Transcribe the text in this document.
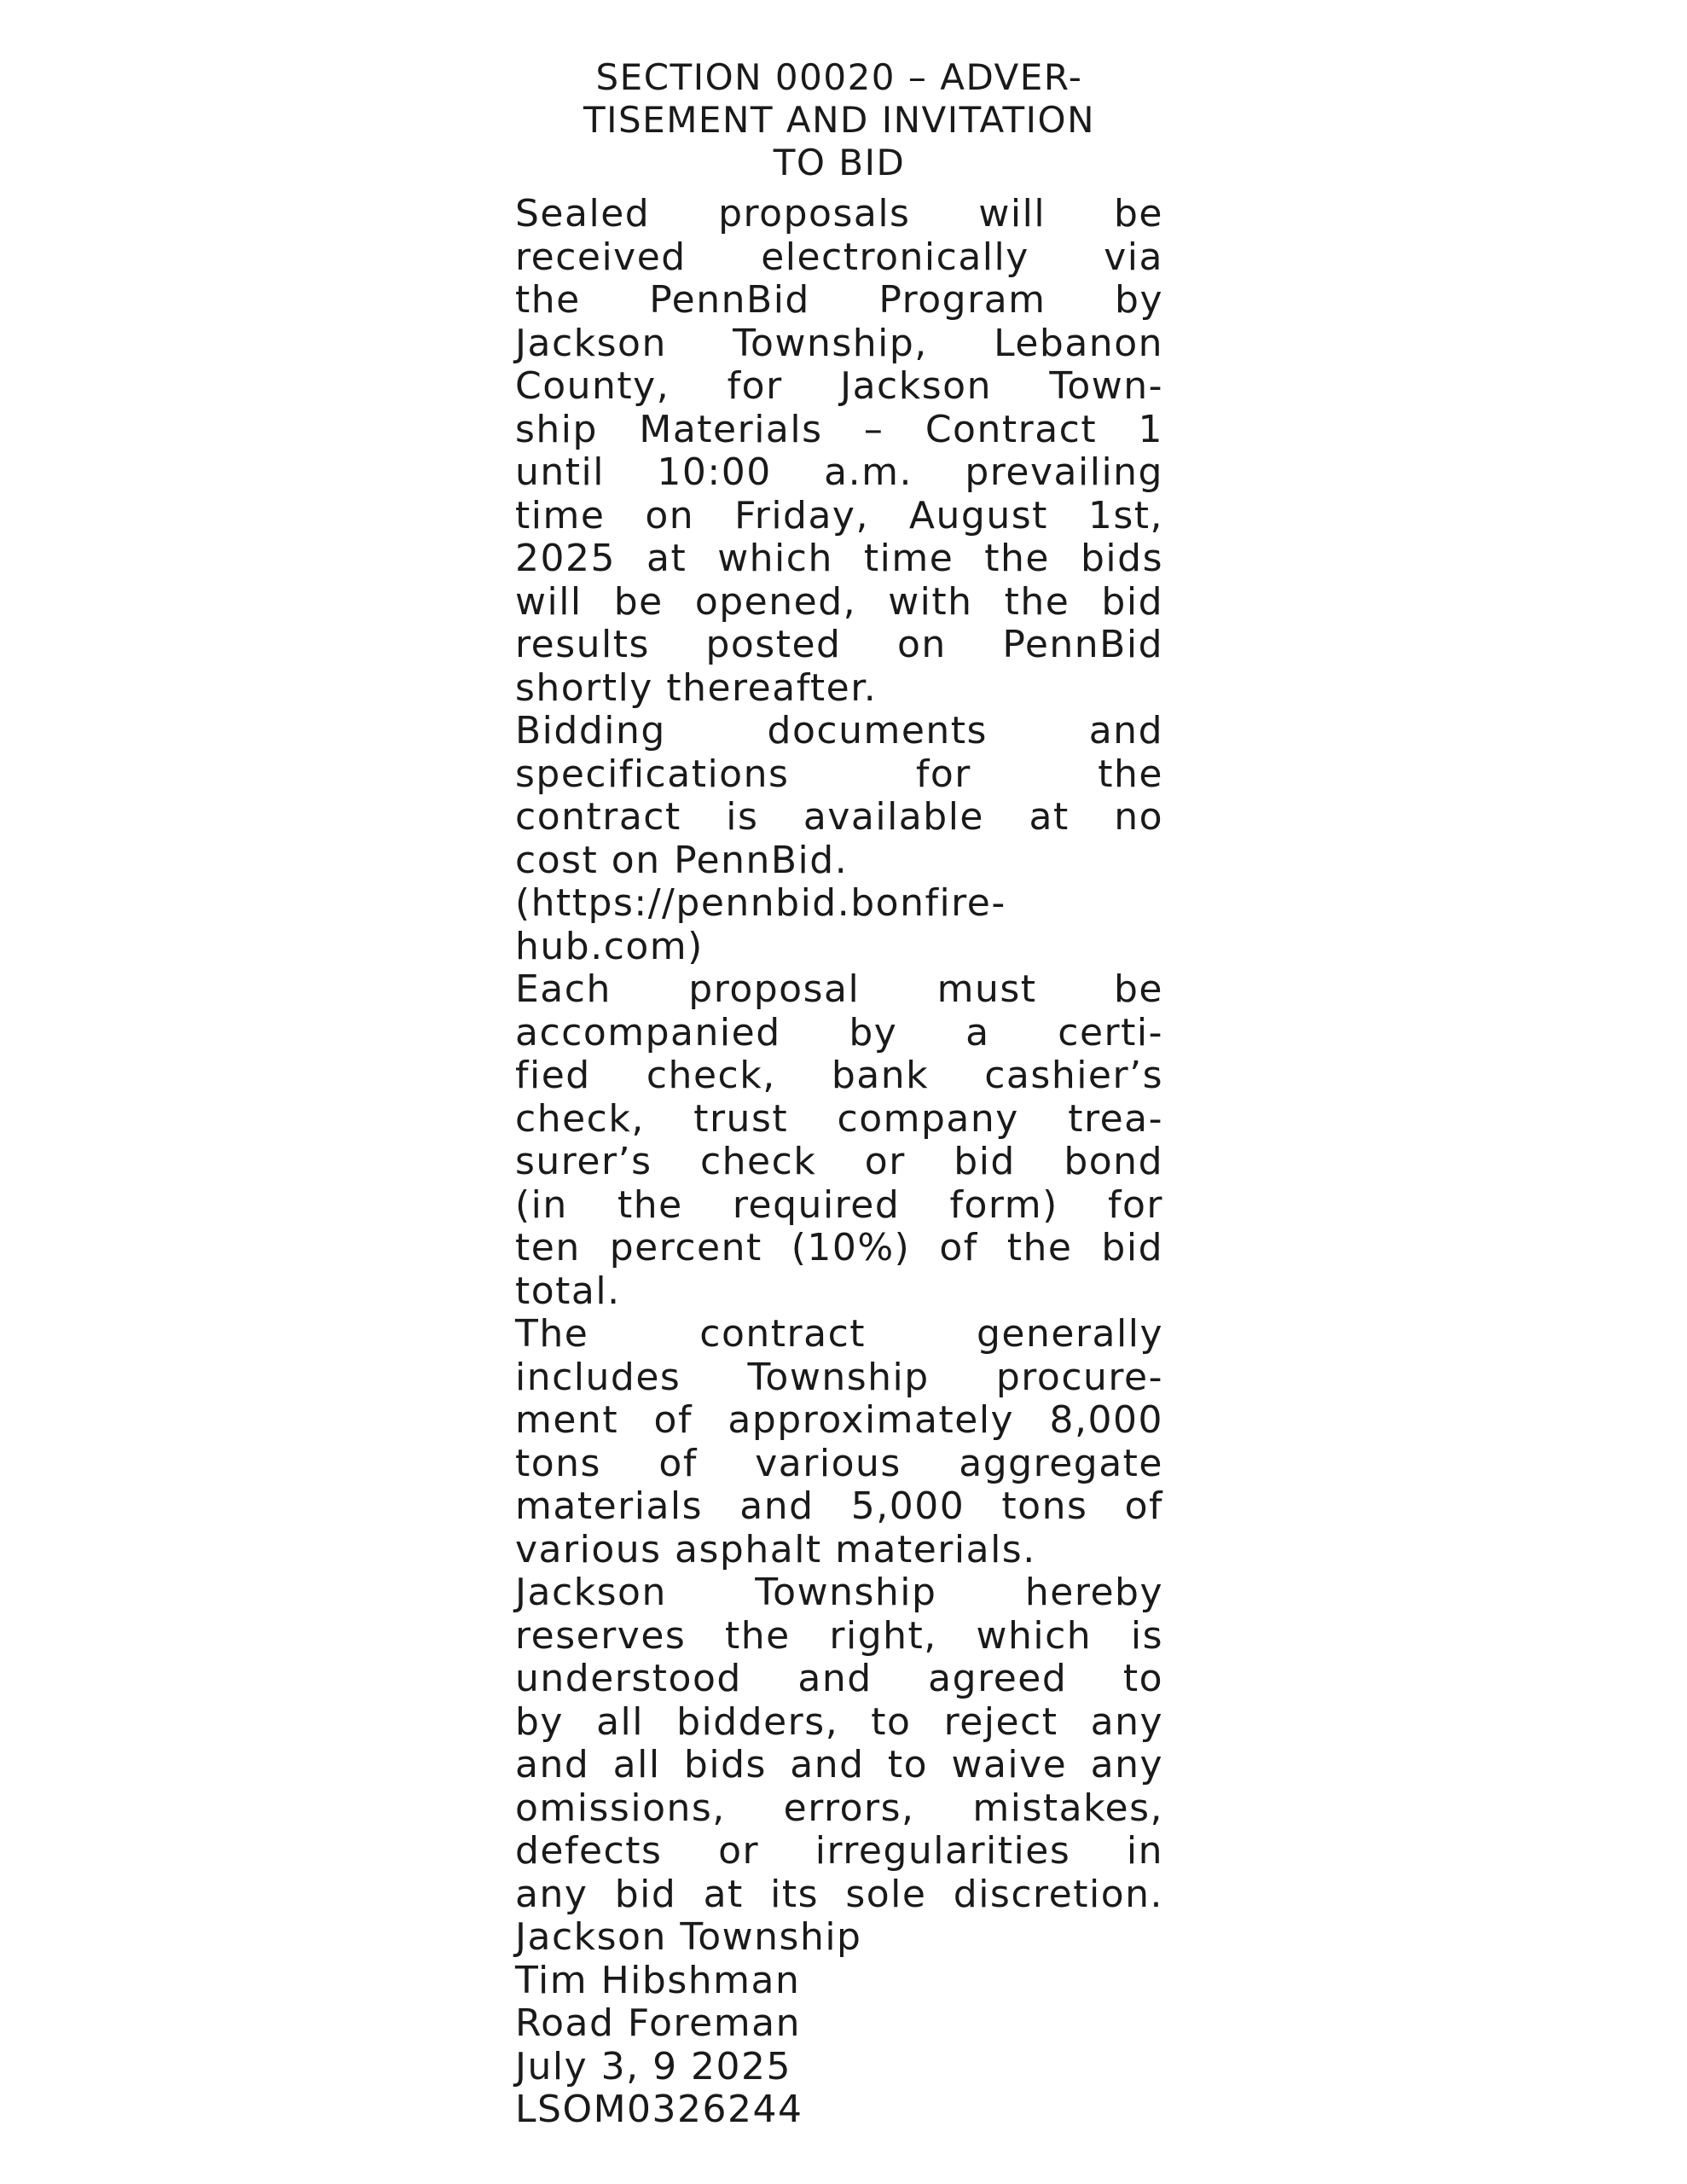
SECTION 00020 – ADVER-
TISEMENT AND INVITATION
TO BID

Sealed proposals will be
received electronically via
the PennBid Program by
Jackson Township, Lebanon
County, for Jackson Town-
ship Materials – Contract 1
until 10:00 a.m. prevailing
time on Friday, August 1st,
2025 at which time the bids
will be opened, with the bid
results posted on PennBid
shortly thereafter.

Bidding documents and
specifications for the
contract is available at no
cost on PennBid.
(https://pennbid.bonfire-
hub.com)

Each proposal must be
accompanied by a certi-
fied check, bank cashier’s
check, trust company trea-
surer’s check or bid bond
(in the required form) for
ten percent (10%) of the bid
total.

The contract generally
includes Township procure-
ment of approximately 8,000
tons of various aggregate
materials and 5,000 tons of
various asphalt materials.

Jackson Township hereby
reserves the right, which is
understood and agreed to
by all bidders, to reject any
and all bids and to waive any
omissions, errors, mistakes,
defects or irregularities in
any bid at its sole discretion.

Jackson Township
Tim Hibshman
Road Foreman
July 3, 9 2025
LSOM0326244
